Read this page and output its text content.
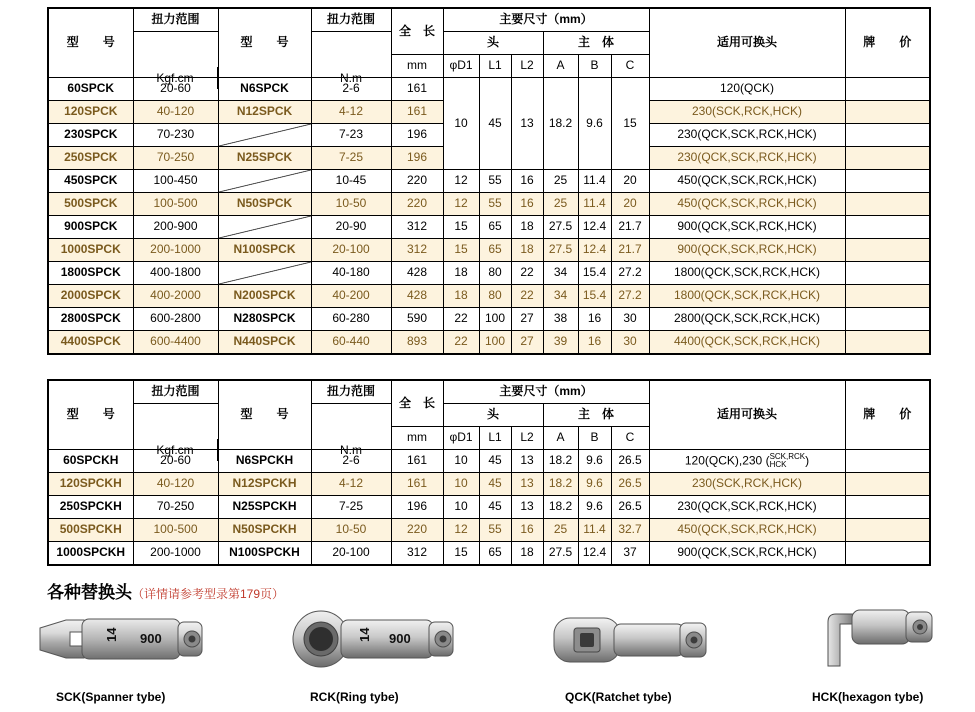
型　　号	扭力范围	型　　号	扭力范围	全　长	主要尺寸（mm）						适用可换头	牌　　价
					头			主　体				
				mm	φD1	L1	L2	A	B	C		
60SPCK	20-60	N6SPCK	2-6	161	10	45	13	18.2	9.6	15	120(QCK)	
120SPCK	40-120	N12SPCK	4-12	161							230(SCK,RCK,HCK)	
230SPCK	70-230		7-23	196							230(QCK,SCK,RCK,HCK)	
250SPCK	70-250	N25SPCK	7-25	196							230(QCK,SCK,RCK,HCK)	
450SPCK	100-450		10-45	220	12	55	16	25	11.4	20	450(QCK,SCK,RCK,HCK)	
500SPCK	100-500	N50SPCK	10-50	220	12	55	16	25	11.4	20	450(QCK,SCK,RCK,HCK)	
900SPCK	200-900		20-90	312	15	65	18	27.5	12.4	21.7	900(QCK,SCK,RCK,HCK)	
1000SPCK	200-1000	N100SPCK	20-100	312	15	65	18	27.5	12.4	21.7	900(QCK,SCK,RCK,HCK)	
1800SPCK	400-1800		40-180	428	18	80	22	34	15.4	27.2	1800(QCK,SCK,RCK,HCK)	
2000SPCK	400-2000	N200SPCK	40-200	428	18	80	22	34	15.4	27.2	1800(QCK,SCK,RCK,HCK)	
2800SPCK	600-2800	N280SPCK	60-280	590	22	100	27	38	16	30	2800(QCK,SCK,RCK,HCK)	
4400SPCK	600-4400	N440SPCK	60-440	893	22	100	27	39	16	30	4400(QCK,SCK,RCK,HCK)	
Kgf.cm	N.m
型　　号	扭力范围	型　　号	扭力范围	全　长	主要尺寸（mm）						适用可换头	牌　　价
					头			主　体				
				mm	φD1	L1	L2	A	B	C		
60SPCKH	20-60	N6SPCKH	2-6	161	10	45	13	18.2	9.6	26.5	120(QCK),230 (SCK,RCK
HCK )	
120SPCKH	40-120	N12SPCKH	4-12	161	10	45	13	18.2	9.6	26.5	230(SCK,RCK,HCK)	
250SPCKH	70-250	N25SPCKH	7-25	196	10	45	13	18.2	9.6	26.5	230(QCK,SCK,RCK,HCK)	
500SPCKH	100-500	N50SPCKH	10-50	220	12	55	16	25	11.4	32.7	450(QCK,SCK,RCK,HCK)	
1000SPCKH	200-1000	N100SPCKH	20-100	312	15	65	18	27.5	12.4	37	900(QCK,SCK,RCK,HCK)	
Kgf.cm	N.m
各种替换头（详情请参考型录第179页）
14 900
SCK(Spanner tybe)
14 900
RCK(Ring tybe)	QCK(Ratchet tybe)	HCK(hexagon tybe)
